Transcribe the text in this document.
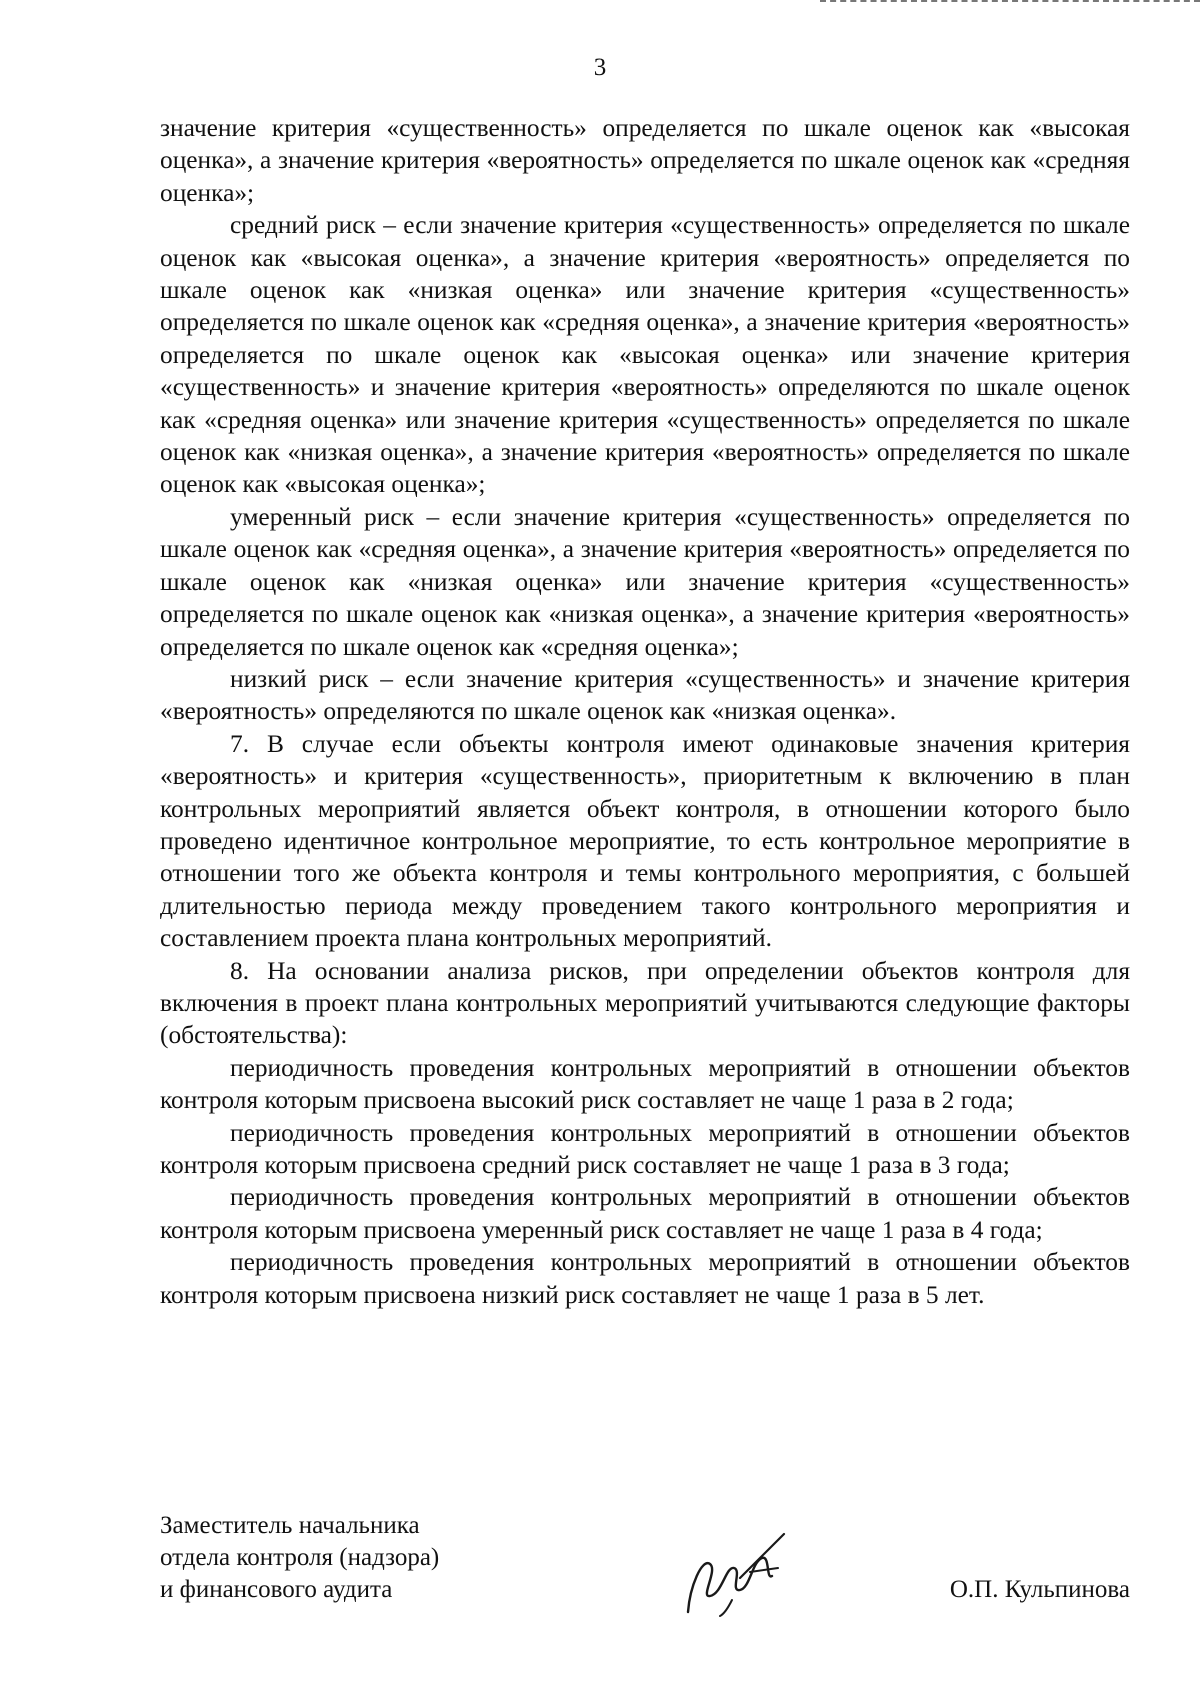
3

значение критерия «существенность» определяется по шкале оценок как «высокая оценка», а значение критерия «вероятность» определяется по шкале оценок как «средняя оценка»;

средний риск – если значение критерия «существенность» определяется по шкале оценок как «высокая оценка», а значение критерия «вероятность» определяется по шкале оценок как «низкая оценка» или значение критерия «существенность» определяется по шкале оценок как «средняя оценка», а значение критерия «вероятность» определяется по шкале оценок как «высокая оценка» или значение критерия «существенность» и значение критерия «вероятность» определяются по шкале оценок как «средняя оценка» или значение критерия «существенность» определяется по шкале оценок как «низкая оценка», а значение критерия «вероятность» определяется по шкале оценок как «высокая оценка»;

умеренный риск – если значение критерия «существенность» определяется по шкале оценок как «средняя оценка», а значение критерия «вероятность» определяется по шкале оценок как «низкая оценка» или значение критерия «существенность» определяется по шкале оценок как «низкая оценка», а значение критерия «вероятность» определяется по шкале оценок как «средняя оценка»;

низкий риск – если значение критерия «существенность» и значение критерия «вероятность» определяются по шкале оценок как «низкая оценка».

7. В случае если объекты контроля имеют одинаковые значения критерия «вероятность» и критерия «существенность», приоритетным к включению в план контрольных мероприятий является объект контроля, в отношении которого было проведено идентичное контрольное мероприятие, то есть контрольное мероприятие в отношении того же объекта контроля и темы контрольного мероприятия, с большей длительностью периода между проведением такого контрольного мероприятия и составлением проекта плана контрольных мероприятий.

8. На основании анализа рисков, при определении объектов контроля для включения в проект плана контрольных мероприятий учитываются следующие факторы (обстоятельства):

периодичность проведения контрольных мероприятий в отношении объектов контроля которым присвоена высокий риск составляет не чаще 1 раза в 2 года;

периодичность проведения контрольных мероприятий в отношении объектов контроля которым присвоена средний риск составляет не чаще 1 раза в 3 года;

периодичность проведения контрольных мероприятий в отношении объектов контроля которым присвоена умеренный риск составляет не чаще 1 раза в 4 года;

периодичность проведения контрольных мероприятий в отношении объектов контроля которым присвоена низкий риск составляет не чаще 1 раза в 5 лет.

Заместитель начальника
отдела контроля (надзора)
и финансового аудита	О.П. Кульпинова
